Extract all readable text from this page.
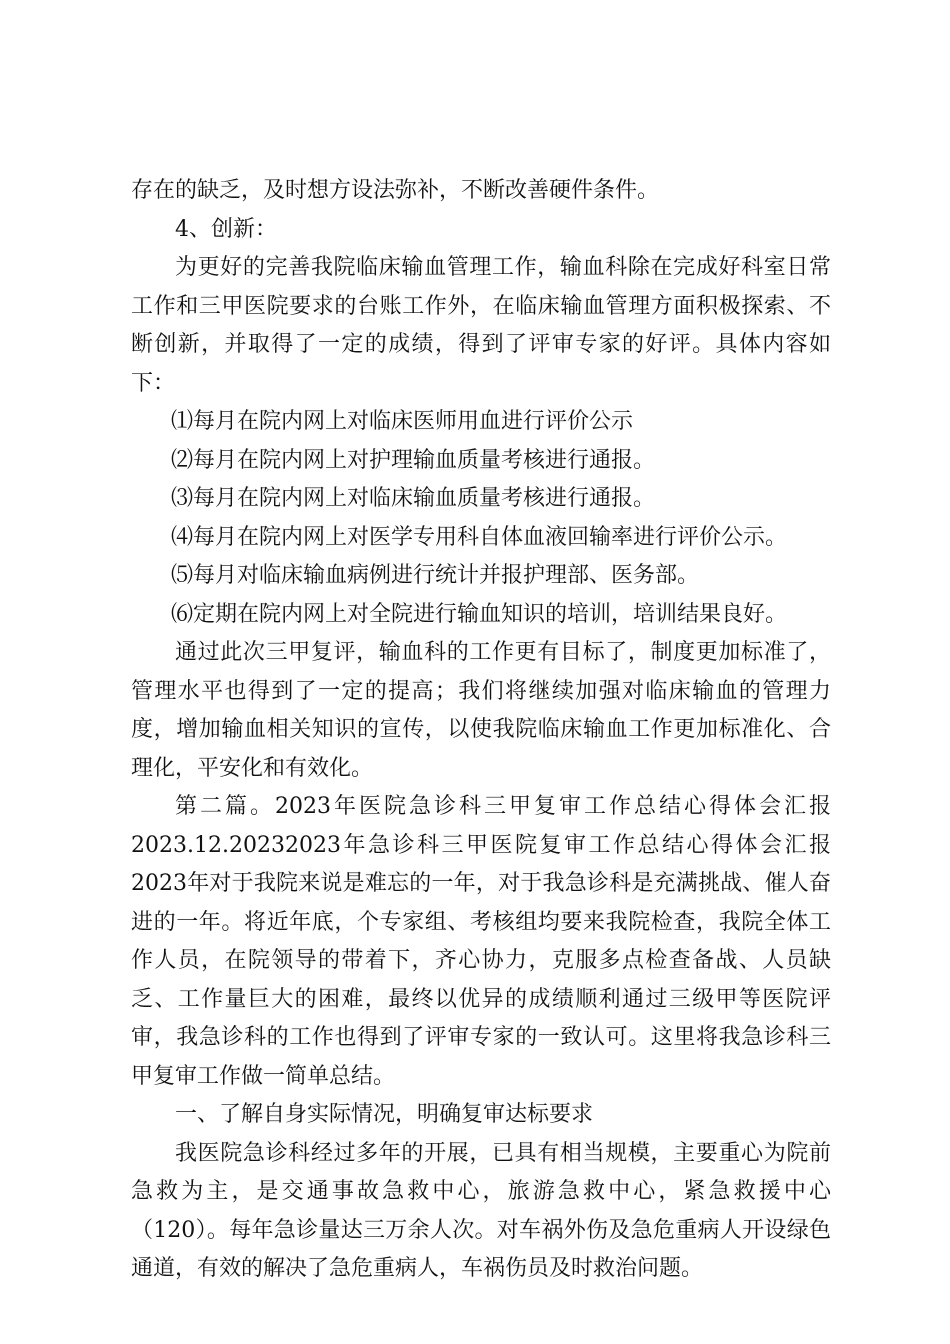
存在的缺乏，及时想方设法弥补，不断改善硬件条件。

4、创新：

为更好的完善我院临床输血管理工作，输血科除在完成好科室日常工作和三甲医院要求的台账工作外，在临床输血管理方面积极探索、不断创新，并取得了一定的成绩，得到了评审专家的好评。具体内容如下：

⑴每月在院内网上对临床医师用血进行评价公示

⑵每月在院内网上对护理输血质量考核进行通报。

⑶每月在院内网上对临床输血质量考核进行通报。

⑷每月在院内网上对医学专用科自体血液回输率进行评价公示。

⑸每月对临床输血病例进行统计并报护理部、医务部。

⑹定期在院内网上对全院进行输血知识的培训，培训结果良好。

通过此次三甲复评，输血科的工作更有目标了，制度更加标准了，管理水平也得到了一定的提高；我们将继续加强对临床输血的管理力度，增加输血相关知识的宣传，以使我院临床输血工作更加标准化、合理化，平安化和有效化。

第二篇。2023年医院急诊科三甲复审工作总结心得体会汇报2023.12.20232023年急诊科三甲医院复审工作总结心得体会汇报2023年对于我院来说是难忘的一年，对于我急诊科是充满挑战、催人奋进的一年。将近年底，个专家组、考核组均要来我院检查，我院全体工作人员，在院领导的带着下，齐心协力，克服多点检查备战、人员缺乏、工作量巨大的困难，最终以优异的成绩顺利通过三级甲等医院评审，我急诊科的工作也得到了评审专家的一致认可。这里将我急诊科三甲复审工作做一简单总结。

一、了解自身实际情况，明确复审达标要求

我医院急诊科经过多年的开展，已具有相当规模，主要重心为院前急救为主，是交通事故急救中心，旅游急救中心，紧急救援中心（120）。每年急诊量达三万余人次。对车祸外伤及急危重病人开设绿色通道，有效的解决了急危重病人，车祸伤员及时救治问题。
